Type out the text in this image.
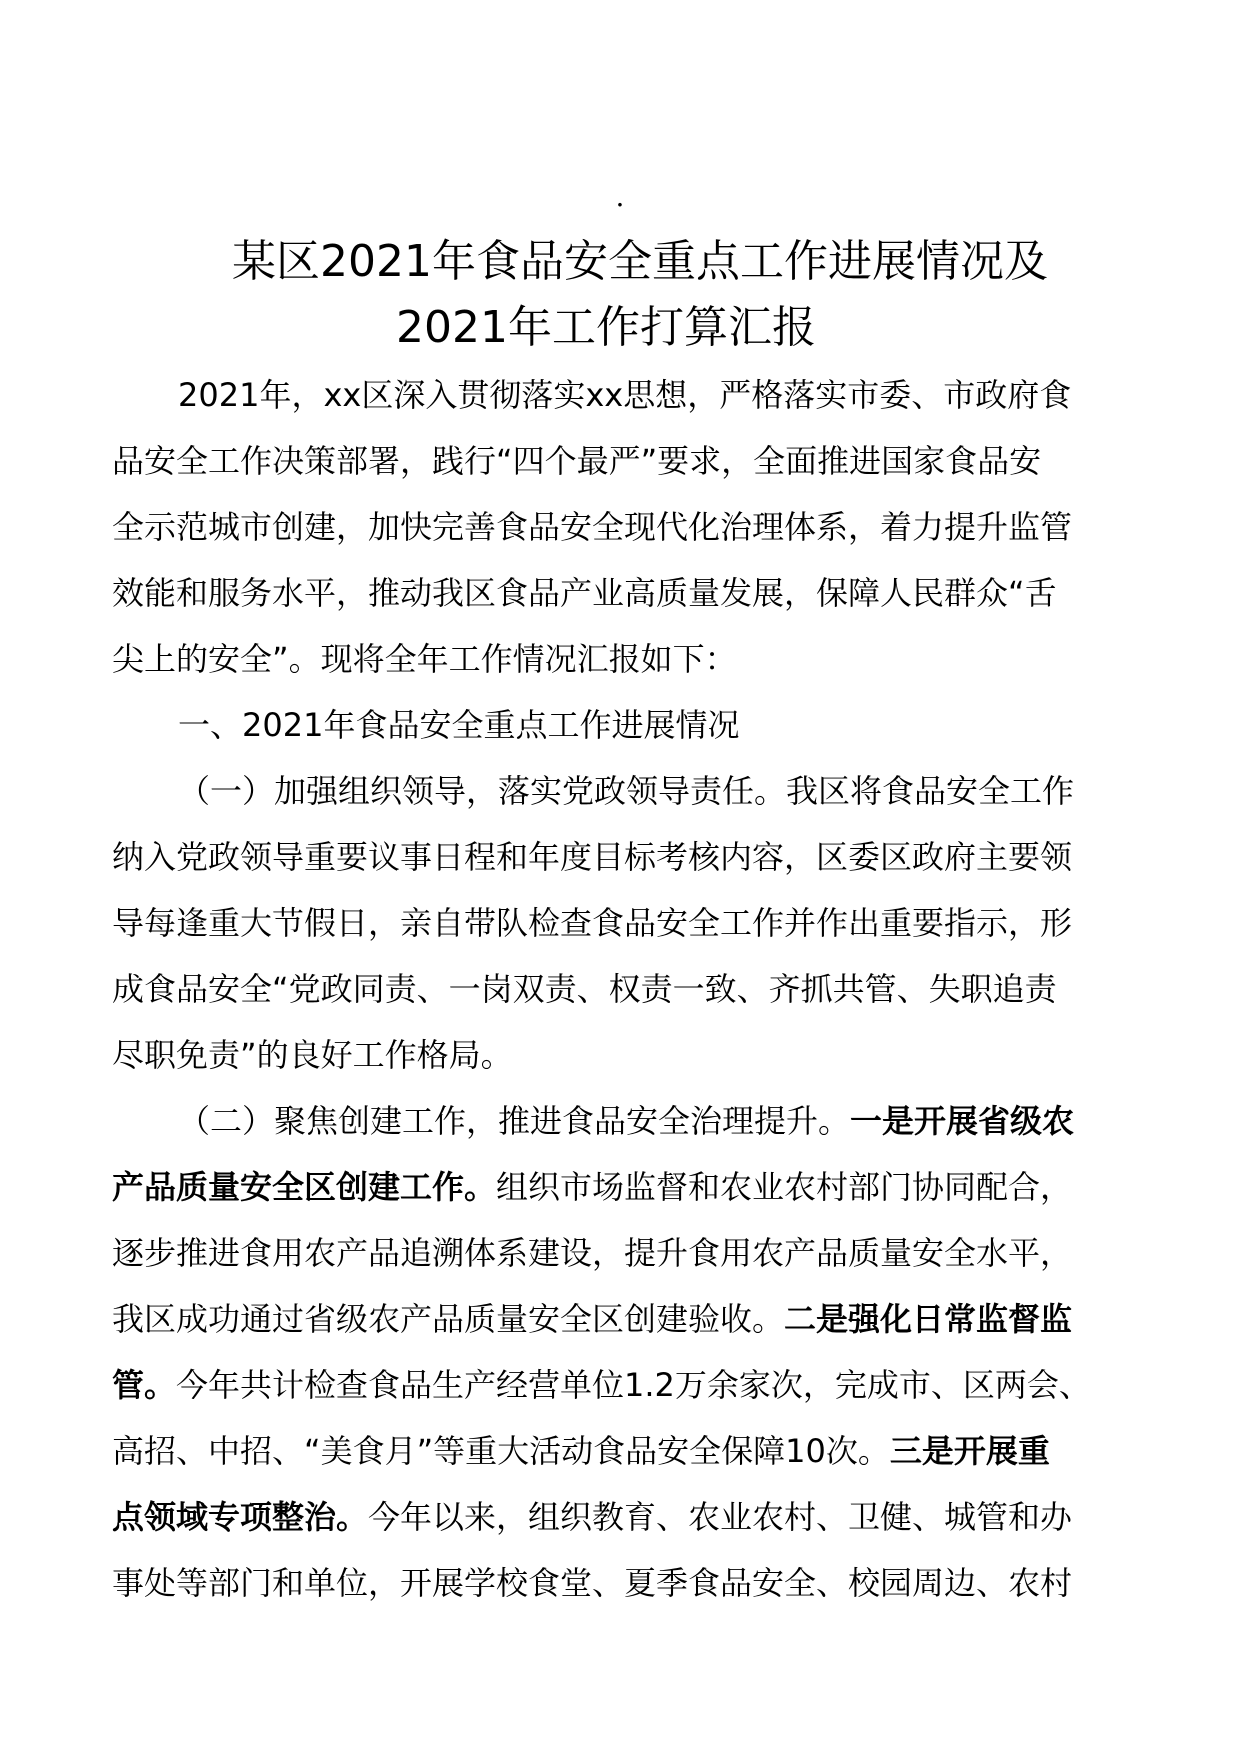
.
某区2021年食品安全重点工作进展情况及
2021年工作打算汇报
2021年，xx区深入贯彻落实xx思想，严格落实市委、市政府食
品安全工作决策部署，践行“四个最严”要求，全面推进国家食品安
全示范城市创建，加快完善食品安全现代化治理体系，着力提升监管
效能和服务水平，推动我区食品产业高质量发展，保障人民群众“舌
尖上的安全”。现将全年工作情况汇报如下：
一、2021年食品安全重点工作进展情况
（一）加强组织领导，落实党政领导责任。我区将食品安全工作
纳入党政领导重要议事日程和年度目标考核内容，区委区政府主要领
导每逢重大节假日，亲自带队检查食品安全工作并作出重要指示，形
成食品安全“党政同责、一岗双责、权责一致、齐抓共管、失职追责
尽职免责”的良好工作格局。
（二）聚焦创建工作，推进食品安全治理提升。一是开展省级农
产品质量安全区创建工作。组织市场监督和农业农村部门协同配合，
逐步推进食用农产品追溯体系建设，提升食用农产品质量安全水平，
我区成功通过省级农产品质量安全区创建验收。二是强化日常监督监
管。今年共计检查食品生产经营单位1.2万余家次，完成市、区两会、
高招、中招、“美食月”等重大活动食品安全保障10次。三是开展重
点领域专项整治。今年以来，组织教育、农业农村、卫健、城管和办
事处等部门和单位，开展学校食堂、夏季食品安全、校园周边、农村
